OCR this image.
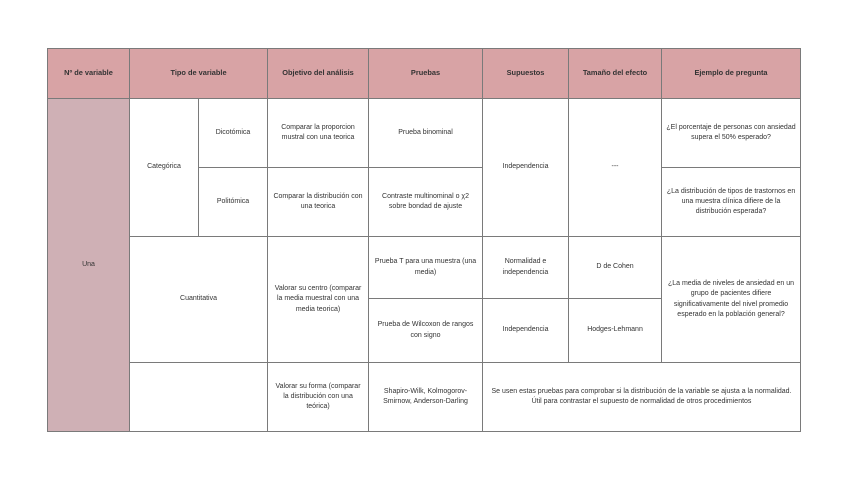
Nº de variable	Tipo de variable		Objetivo del análisis	Pruebas	Supuestos	Tamaño del efecto	Ejemplo de pregunta
Una	Categórica	Dicotómica	Comparar la proporcion mustral con una teorica	Prueba binominal	Independencia	---	¿El porcentaje de personas con ansiedad supera el 50% esperado?
		Politómica	Comparar la distribución con una teorica	Contraste multinominal o χ2 sobre bondad de ajuste			¿La distribución de tipos de trastornos en una muestra clínica difiere de la distribución esperada?
	Cuantitativa		Valorar su centro (comparar la media muestral con una media teorica)	Prueba T para una muestra (una media)	Normalidad e independencia	D de Cohen	¿La media de niveles de ansiedad en un grupo de pacientes difiere significativamente del nivel promedio esperado en la población general?
				Prueba de Wilcoxon de rangos con signo	Independencia	Hodges-Lehmann	
			Valorar su forma (comparar la distribución con una teórica)	Shapiro-Wilk, Kolmogorov-Smirnow, Anderson-Darling	Se usen estas pruebas para comprobar si la distribución de la variable se ajusta a la normalidad. Útil para contrastar el supuesto de normalidad de otros procedimientos		
